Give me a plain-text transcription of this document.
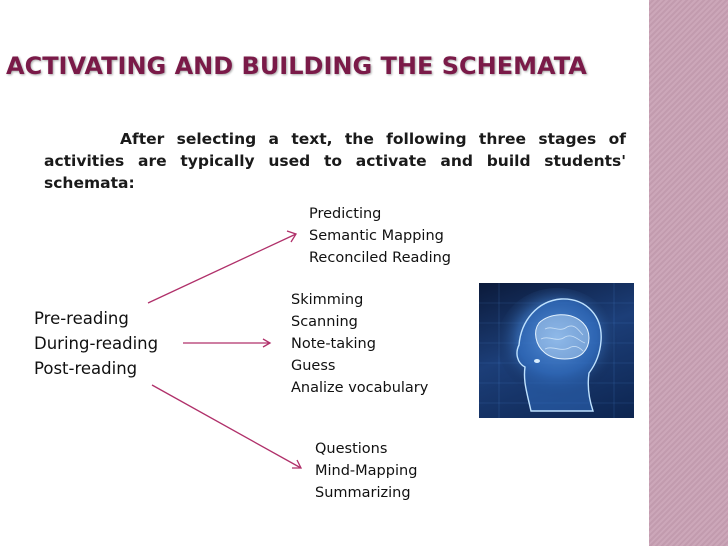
ACTIVATING AND BUILDING THE SCHEMATA
After selecting a text, the following three stages of activities are typically used to activate and build students' schemata:
Pre-reading
During-reading
Post-reading
Predicting
Semantic Mapping
Reconciled Reading
Skimming
Scanning
Note-taking
Guess
Analize vocabulary
Questions
Mind-Mapping
Summarizing
